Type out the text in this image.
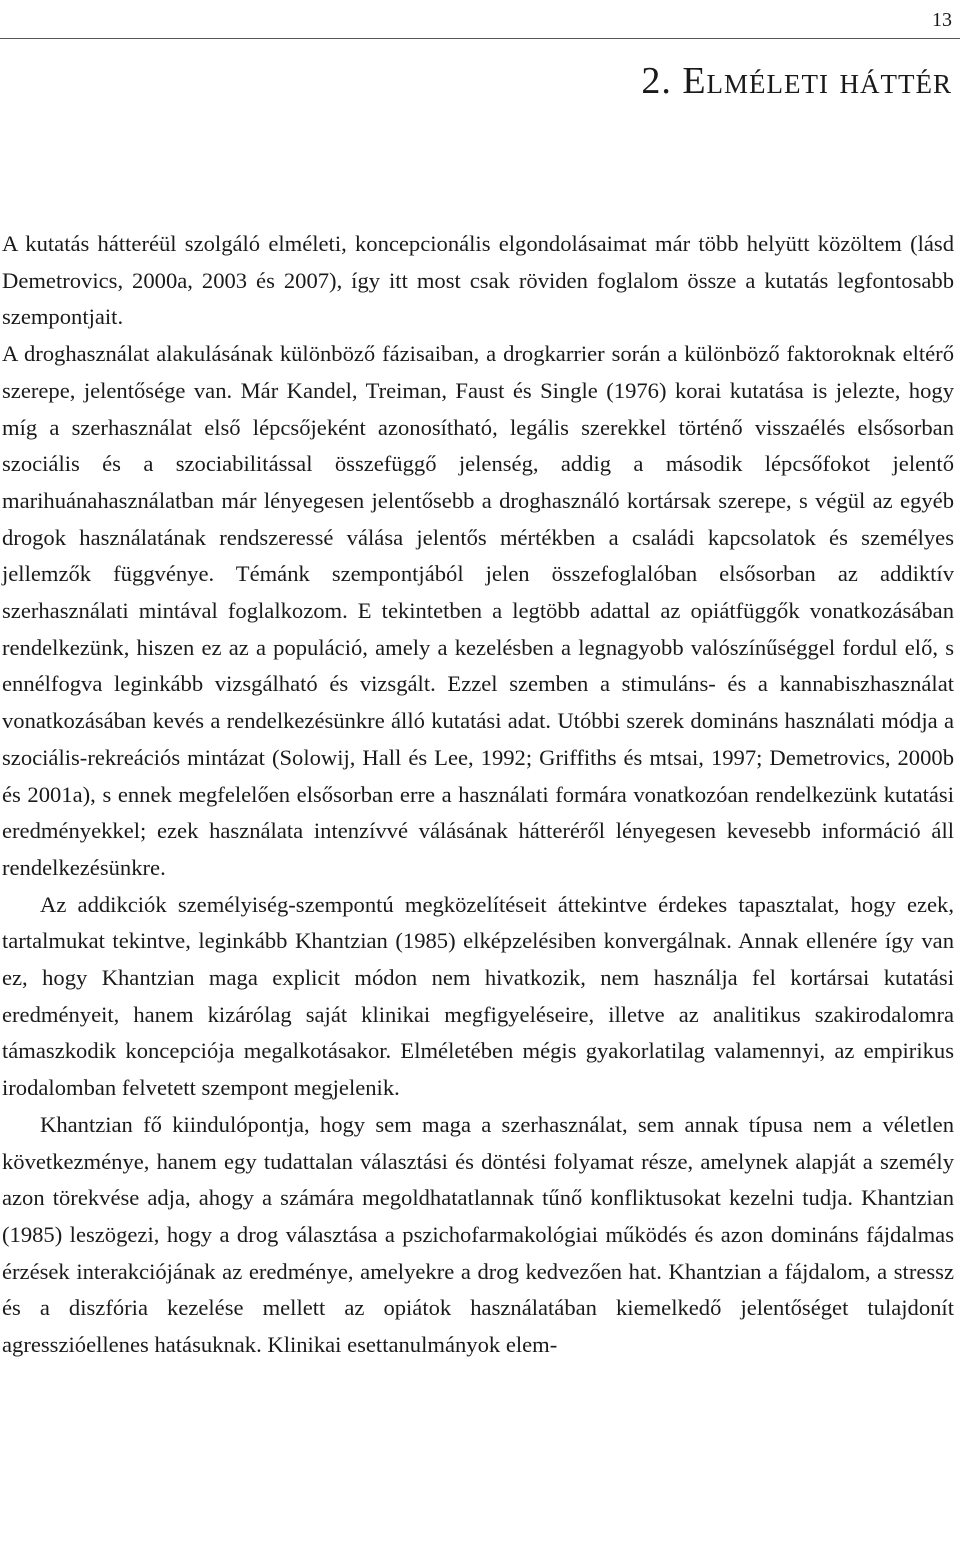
13
2. Elméleti háttér

A kutatás hátteréül szolgáló elméleti, koncepcionális elgondolásaimat már több helyütt közöltem (lásd Demetrovics, 2000a, 2003 és 2007), így itt most csak röviden foglalom össze a kutatás legfontosabb szempontjait.

A droghasználat alakulásának különböző fázisaiban, a drogkarrier során a különböző faktoroknak eltérő szerepe, jelentősége van. Már Kandel, Treiman, Faust és Single (1976) korai kutatása is jelezte, hogy míg a szerhasználat első lépcsőjeként azonosítható, legális szerekkel történő visszaélés elsősorban szociális és a szociabilitással összefüggő jelenség, addig a második lépcsőfokot jelentő marihuánahasználatban már lényegesen jelentősebb a droghasználó kortársak szerepe, s végül az egyéb drogok használatának rendszeressé válása jelentős mértékben a családi kapcsolatok és személyes jellemzők függvénye. Témánk szempontjából jelen összefoglalóban elsősorban az addiktív szerhasználati mintával foglalkozom. E tekintetben a legtöbb adattal az opiátfüggők vonatkozásában rendelkezünk, hiszen ez az a populáció, amely a kezelésben a legnagyobb valószínűséggel fordul elő, s ennélfogva leginkább vizsgálható és vizsgált. Ezzel szemben a stimuláns- és a kannabiszhasználat vonatkozásában kevés a rendelkezésünkre álló kutatási adat. Utóbbi szerek domináns használati módja a szociális-rekreációs mintázat (Solowij, Hall és Lee, 1992; Griffiths és mtsai, 1997; Demetrovics, 2000b és 2001a), s ennek megfelelően elsősorban erre a használati formára vonatkozóan rendelkezünk kutatási eredményekkel; ezek használata intenzívvé válásának hátteréről lényegesen kevesebb információ áll rendelkezésünkre.

Az addikciók személyiség-szempontú megközelítéseit áttekintve érdekes tapasztalat, hogy ezek, tartalmukat tekintve, leginkább Khantzian (1985) elképzelésiben konvergálnak. Annak ellenére így van ez, hogy Khantzian maga explicit módon nem hivatkozik, nem használja fel kortársai kutatási eredményeit, hanem kizárólag saját klinikai megfigyeléseire, illetve az analitikus szakirodalomra támaszkodik koncepciója megalkotásakor. Elméletében mégis gyakorlatilag valamennyi, az empirikus irodalomban felvetett szempont megjelenik.

Khantzian fő kiindulópontja, hogy sem maga a szerhasználat, sem annak típusa nem a véletlen következménye, hanem egy tudattalan választási és döntési folyamat része, amelynek alapját a személy azon törekvése adja, ahogy a számára megoldhatatlannak tűnő konfliktusokat kezelni tudja. Khantzian (1985) leszögezi, hogy a drog választása a pszichofarmakológiai működés és azon domináns fájdalmas érzések interakciójának az eredménye, amelyekre a drog kedvezően hat. Khantzian a fájdalom, a stressz és a diszfória kezelése mellett az opiátok használatában kiemelkedő jelentőséget tulajdonít agresszióellenes hatásuknak. Klinikai esettanulmányok elem-
